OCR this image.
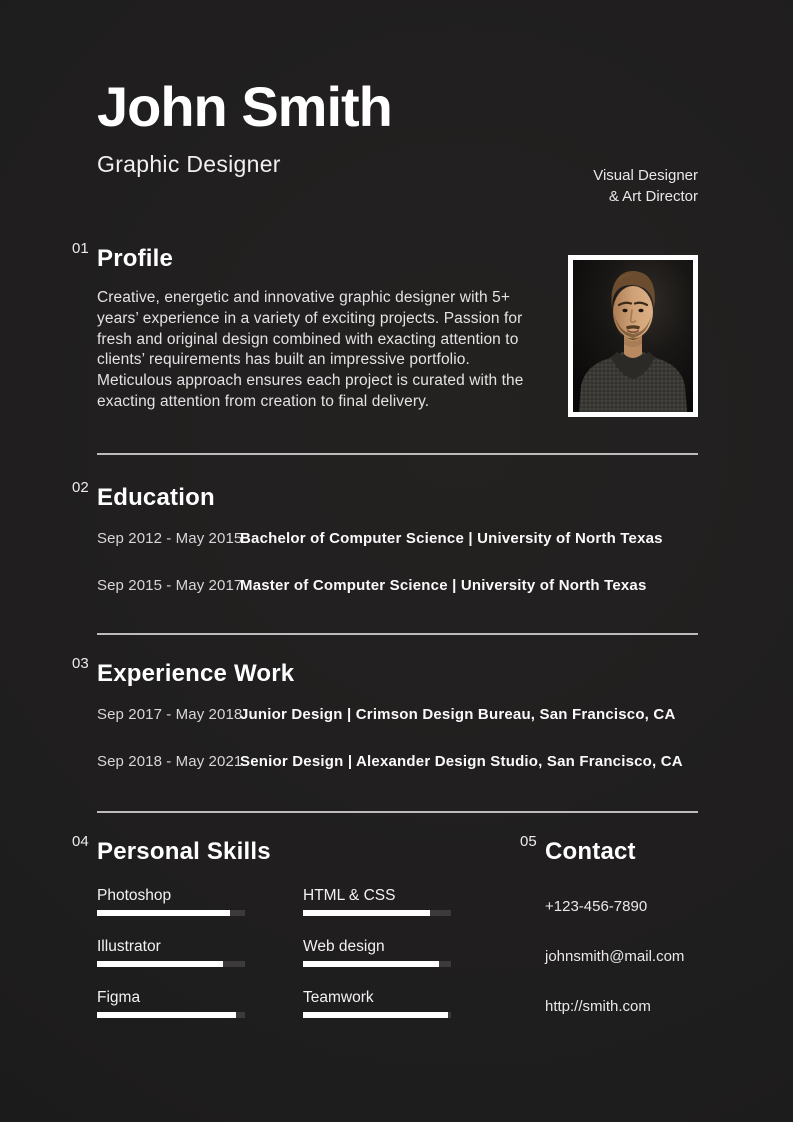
John Smith
Graphic Designer	Visual Designer
& Art Director
01 Profile

Creative, energetic and innovative graphic designer with 5+ years’ experience in a variety of exciting projects. Passion for fresh and original design combined with exacting attention to clients’ requirements has built an impressive portfolio. Meticulous approach ensures each project is curated with the exacting attention from creation to final delivery.

02 Education
Sep 2012 - May 2015
Bachelor of Computer Science | University of North Texas
Sep 2015 - May 2017
Master of Computer Science | University of North Texas
03 Experience Work
Sep 2017 - May 2018
Junior Design | Crimson Design Bureau, San Francisco, CA
Sep 2018 - May 2021
Senior Design | Alexander Design Studio, San Francisco, CA
04 Personal Skills
Photoshop
Illustrator
Figma
HTML & CSS
Web design
Teamwork
05 Contact
+123-456-7890
johnsmith@mail.com
http://smith.com
